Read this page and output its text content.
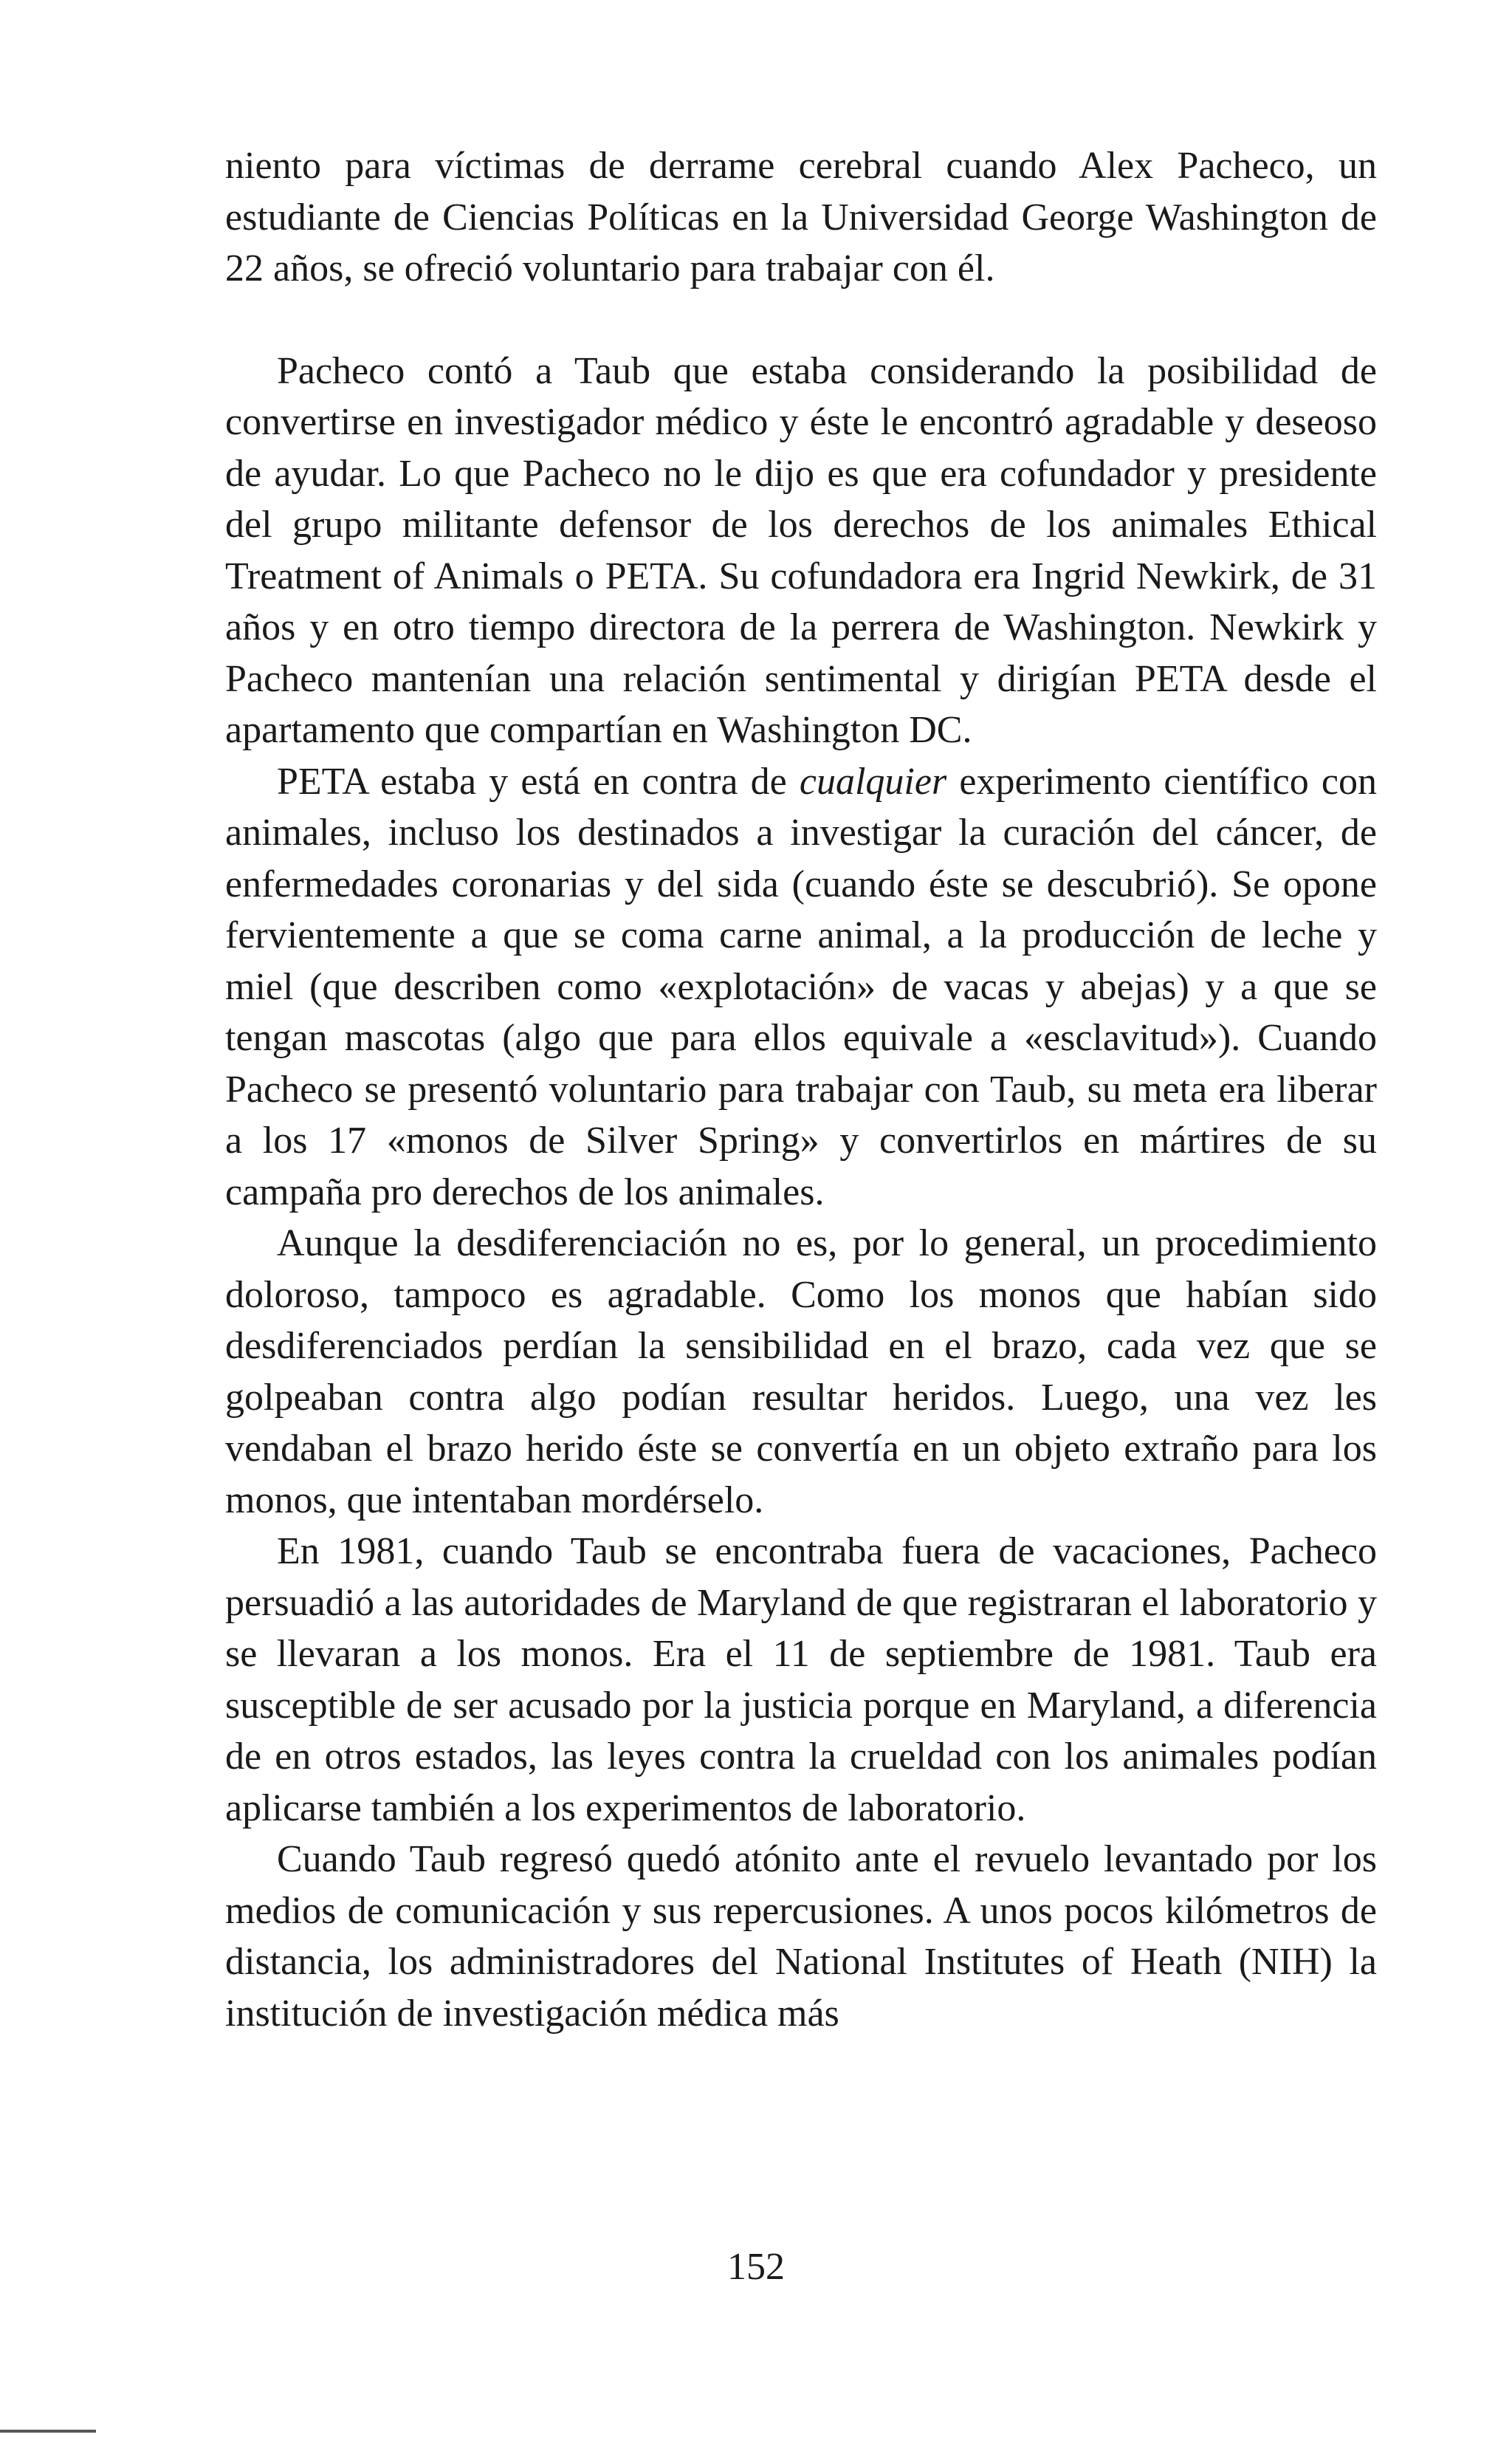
niento para víctimas de derrame cerebral cuando Alex Pacheco, un estudiante de Ciencias Políticas en la Universidad George Washington de 22 años, se ofreció voluntario para trabajar con él.

Pacheco contó a Taub que estaba considerando la posibilidad de convertirse en investigador médico y éste le encontró agradable y deseoso de ayudar. Lo que Pacheco no le dijo es que era cofundador y presidente del grupo militante defensor de los derechos de los animales Ethical Treatment of Animals o PETA. Su cofundadora era Ingrid Newkirk, de 31 años y en otro tiempo directora de la perrera de Washington. Newkirk y Pacheco mantenían una relación sentimental y dirigían PETA desde el apartamento que compartían en Washington DC.

PETA estaba y está en contra de cualquier experimento científico con animales, incluso los destinados a investigar la curación del cáncer, de enfermedades coronarias y del sida (cuando éste se descubrió). Se opone fervientemente a que se coma carne animal, a la producción de leche y miel (que describen como «explotación» de vacas y abejas) y a que se tengan mascotas (algo que para ellos equivale a «esclavitud»). Cuando Pacheco se presentó voluntario para trabajar con Taub, su meta era liberar a los 17 «monos de Silver Spring» y convertirlos en mártires de su campaña pro derechos de los animales.

Aunque la desdiferenciación no es, por lo general, un procedimiento doloroso, tampoco es agradable. Como los monos que habían sido desdiferenciados perdían la sensibilidad en el brazo, cada vez que se golpeaban contra algo podían resultar heridos. Luego, una vez les vendaban el brazo herido éste se convertía en un objeto extraño para los monos, que intentaban mordérselo.

En 1981, cuando Taub se encontraba fuera de vacaciones, Pacheco persuadió a las autoridades de Maryland de que registraran el laboratorio y se llevaran a los monos. Era el 11 de septiembre de 1981. Taub era susceptible de ser acusado por la justicia porque en Maryland, a diferencia de en otros estados, las leyes contra la crueldad con los animales podían aplicarse también a los experimentos de laboratorio.

Cuando Taub regresó quedó atónito ante el revuelo levantado por los medios de comunicación y sus repercusiones. A unos pocos kilómetros de distancia, los administradores del National Institutes of Heath (NIH) la institución de investigación médica más

152
